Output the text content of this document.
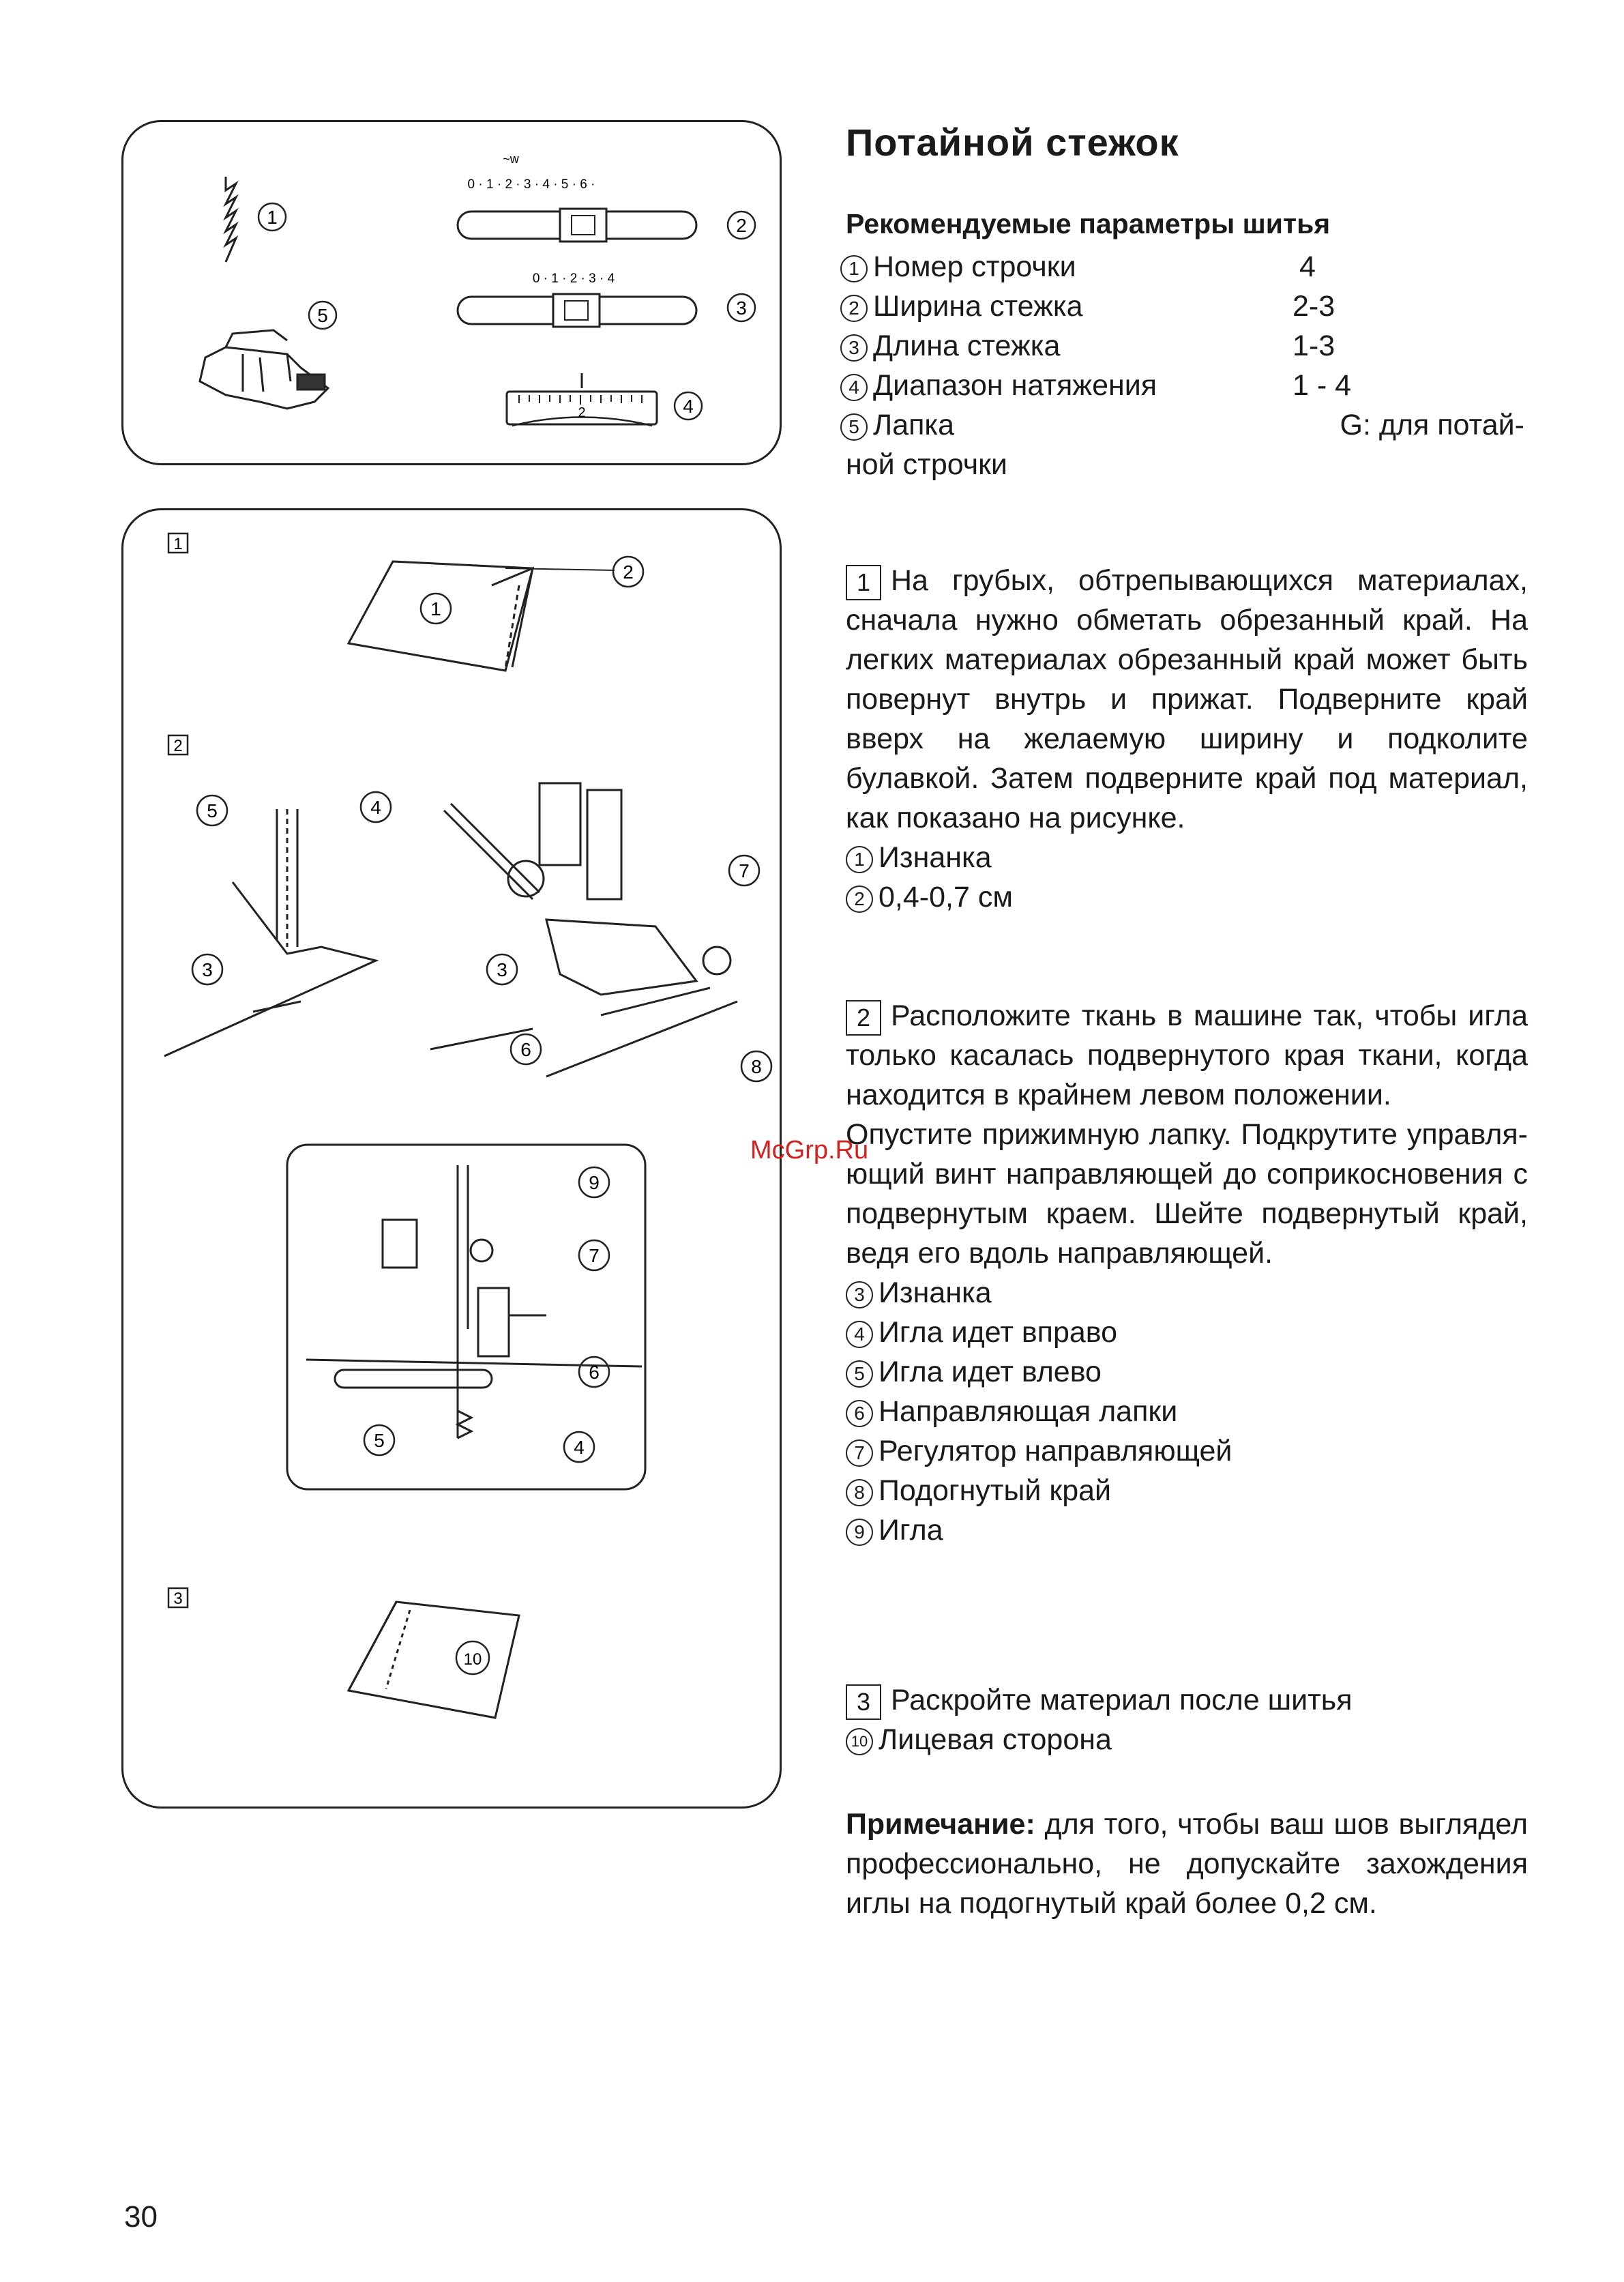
1
5
~w
0 · 1 · 2 · 3 · 4 · 5 · 6 ·
2
0 · 1 · 2 · 3 · 4
3
2	4
1
1
2
2
5	4
3
7
3
6
8
9
7
6
5	4
3
10
Потайной стежок
Рекомендуемые параметры шитья
1 Номер строчки	4
2 Ширина стежка	2-3
3 Длина стежка	1-3
4 Диапазон натяжения	1 - 4
5 Лапка	G: для потай-
ной строчки

1 На грубых, обтрепывающихся материалах, сначала нужно обметать обрезанный край. На легких материалах обрезанный край может быть повернут внутрь и прижат. Подверните край вверх на желаемую ширину и подколите булавкой. Затем подверните край под материал, как показано на рисунке.

1 Изнанка
2 0,4-0,7 см

2 Расположите ткань в машине так, чтобы игла только касалась подвернутого края ткани, когда находится в крайнем левом положении.

Опустите прижимную лапку. Подкрутите управля-ющий винт направляющей до соприкосновения с подвернутым краем. Шейте подвернутый край, ведя его вдоль направляющей.

3 Изнанка
4 Игла идет вправо
5 Игла идет влево
6 Направляющая лапки
7 Регулятор направляющей
8 Подогнутый край
9 Игла
McGrp.Ru

3 Раскройте материал после шитья

10 Лицевая сторона

Примечание: для того, чтобы ваш шов выглядел профессионально, не допускайте захождения иглы на подогнутый край более 0,2 см.

30
